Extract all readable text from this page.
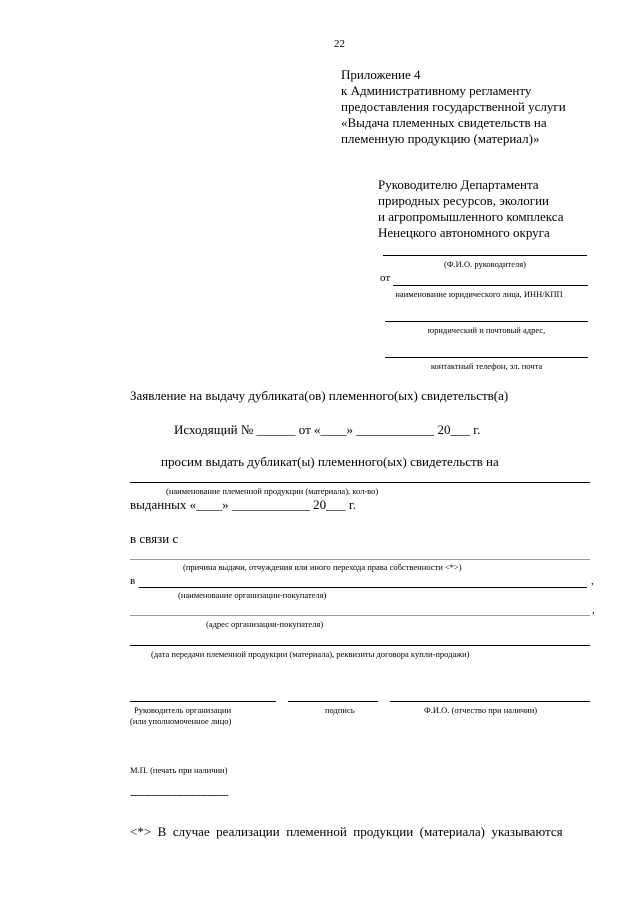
22
Приложение 4
к Административному регламенту
предоставления государственной услуги
«Выдача племенных свидетельств на
племенную продукцию (материал)»
Руководителю Департамента
природных ресурсов, экологии
и агропромышленного комплекса
Ненецкого автономного округа
(Ф.И.О. руководителя)
от
наименование юридического лица, ИНН/КПП
юридический и почтовый адрес,
контактный телефон, эл. почта
Заявление на выдачу дубликата(ов) племенного(ых) свидетельств(а)
Исходящий № ______ от «____» ____________ 20___ г.
просим выдать дубликат(ы) племенного(ых) свидетельств на
(наименование племенной продукции (материала), кол-во)
выданных «____» ____________ 20___ г.
в связи с
(причина выдачи, отчуждения или иного перехода права собственности <*>)
в	,
(наименование организации-покупателя)
,
(адрес организации-покупателя)
(дата передачи племенной продукции (материала), реквизиты договора купли-продажи)
Руководитель организации
(или уполномоченное лицо)
подпись	Ф.И.О. (отчество при наличии)
М.П. (печать при наличии)
--------------------------------
<*>  В  случае  реализации  племенной  продукции  (материала)  указываются
